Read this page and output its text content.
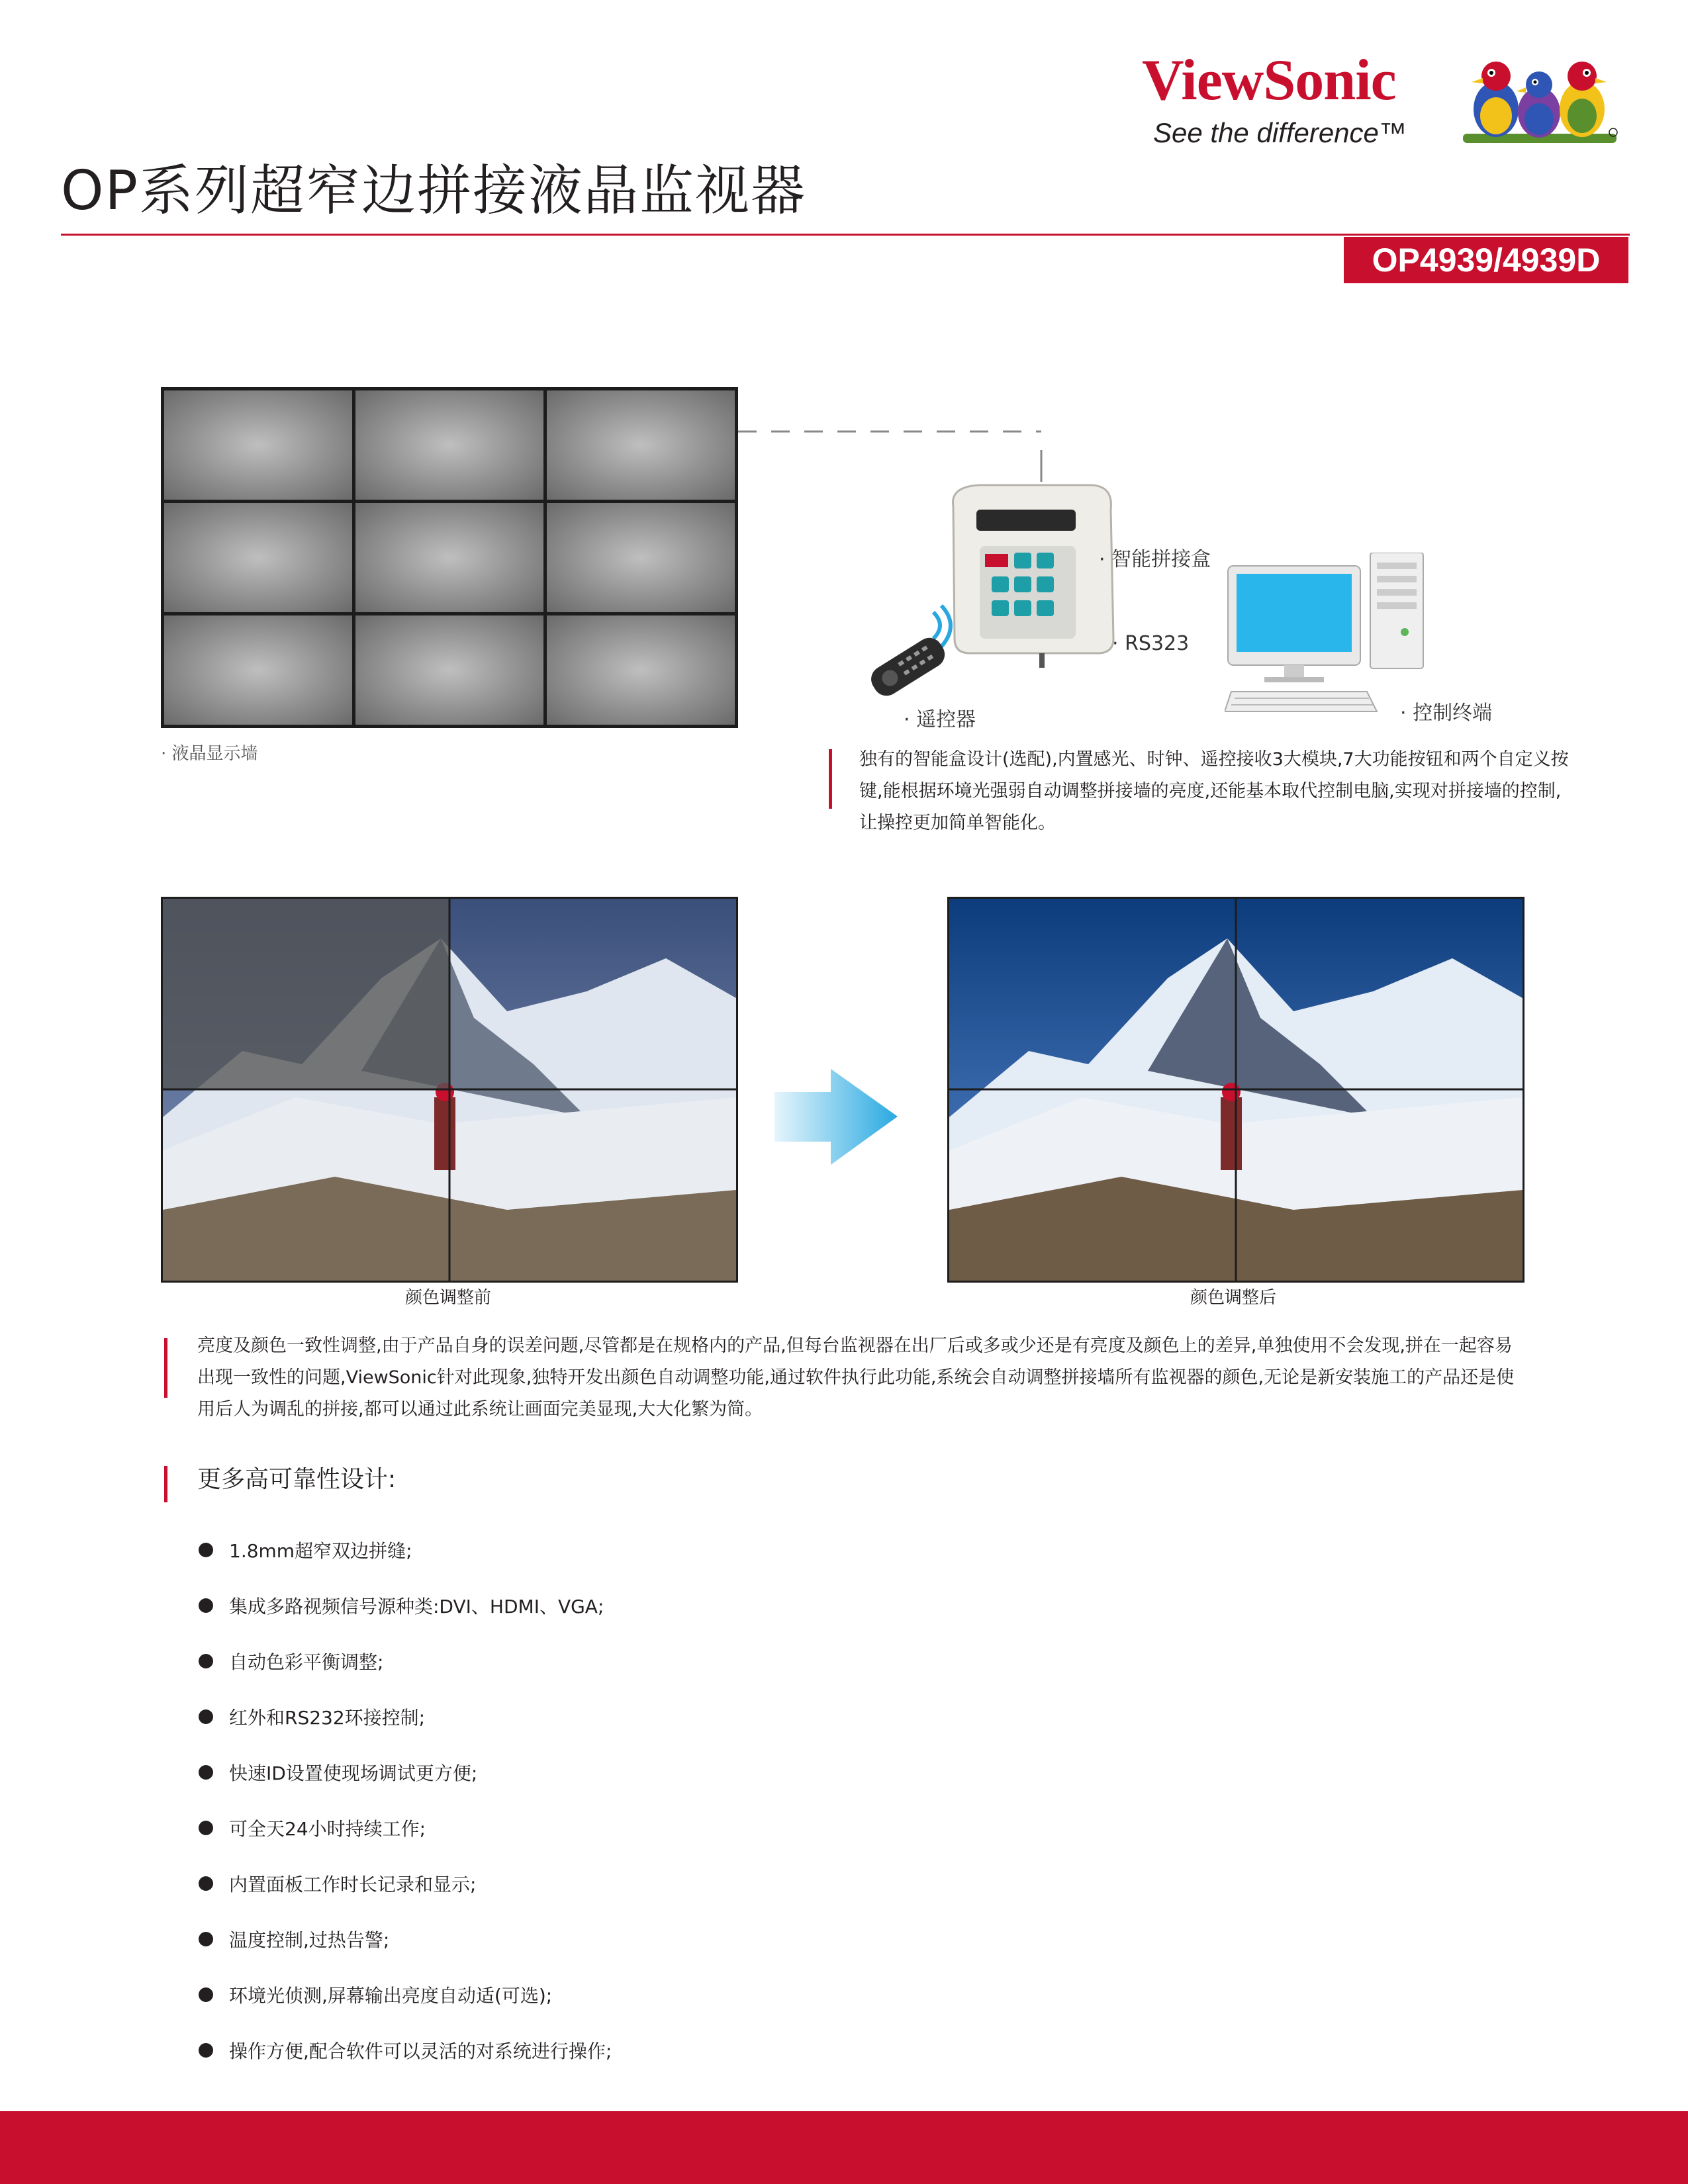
ViewSonic
See the difference™
OP系列超窄边拼接液晶监视器
OP4939/4939D
· 液晶显示墙
· 智能拼接盒
· RS323
· 遥控器	· 控制终端
独有的智能盒设计(选配),内置感光、时钟、遥控接收3大模块,7大功能按钮和两个自定义按键,能根据环境光强弱自动调整拼接墙的亮度,还能基本取代控制电脑,实现对拼接墙的控制,让操控更加简单智能化。
颜色调整前	颜色调整后
亮度及颜色一致性调整,由于产品自身的误差问题,尽管都是在规格内的产品,但每台监视器在出厂后或多或少还是有亮度及颜色上的差异,单独使用不会发现,拼在一起容易出现一致性的问题,ViewSonic针对此现象,独特开发出颜色自动调整功能,通过软件执行此功能,系统会自动调整拼接墙所有监视器的颜色,无论是新安装施工的产品还是使用后人为调乱的拼接,都可以通过此系统让画面完美显现,大大化繁为简。
更多高可靠性设计:
1.8mm超窄双边拼缝;
集成多路视频信号源种类:DVI、HDMI、VGA;
自动色彩平衡调整;
红外和RS232环接控制;
快速ID设置使现场调试更方便;
可全天24小时持续工作;
内置面板工作时长记录和显示;
温度控制,过热告警;
环境光侦测,屏幕输出亮度自动适(可选);
操作方便,配合软件可以灵活的对系统进行操作;
